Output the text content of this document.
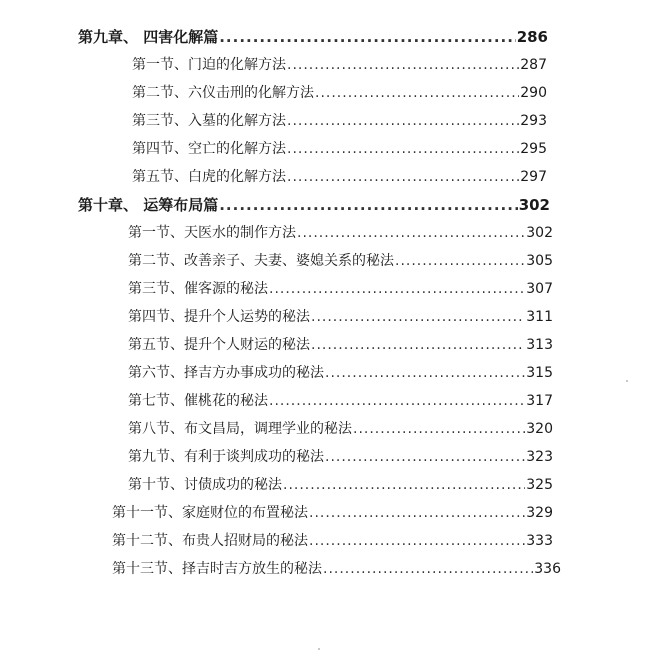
第九章、 四害化解篇 .....	286
第一节、门迫的化解方法 .....	287
第二节、六仪击刑的化解方法 .....	290
第三节、入墓的化解方法 .....	293
第四节、空亡的化解方法 .....	295
第五节、白虎的化解方法 .....	297
第十章、 运筹布局篇 .....	302
第一节、天医水的制作方法 .....	302
第二节、改善亲子、夫妻、婆媳关系的秘法 .....	305
第三节、催客源的秘法 .....	307
第四节、提升个人运势的秘法 .....	311
第五节、提升个人财运的秘法 .....	313
第六节、择吉方办事成功的秘法 .....	315
第七节、催桃花的秘法 .....	317
第八节、布文昌局，调理学业的秘法 .....	320
第九节、有利于谈判成功的秘法 .....	323
第十节、讨债成功的秘法 .....	325
第十一节、家庭财位的布置秘法 .....	329
第十二节、布贵人招财局的秘法 .....	333
第十三节、择吉时吉方放生的秘法 .....	336
